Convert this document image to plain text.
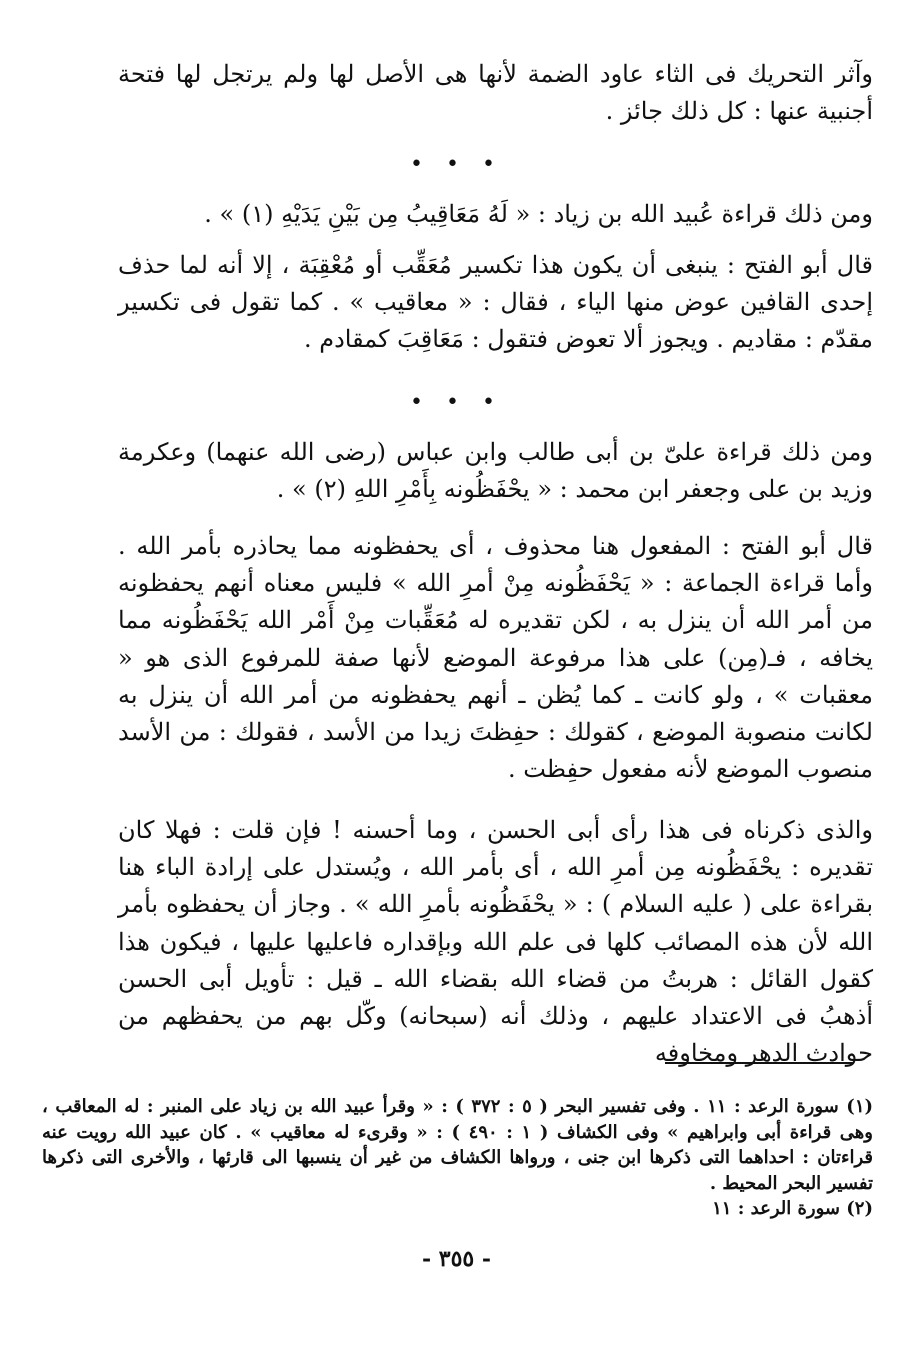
وآثر التحريك فى الثاء عاود الضمة لأنها هى الأصل لها ولم يرتجل لها فتحة أجنبية عنها : كل ذلك جائز .

• • •

ومن ذلك قراءة عُبيد الله بن زياد : « لَهُ مَعَاقِيبُ مِن بَيْنِ يَدَيْهِ (١) » .

قال أبو الفتح : ينبغى أن يكون هذا تكسير مُعَقِّب أو مُعْقِبَة ، إلا أنه لما حذف إحدى القافين عوض منها الياء ، فقال : « معاقيب » . كما تقول فى تكسير مقدّم : مقاديم . ويجوز ألا تعوض فتقول : مَعَاقِبَ كمقادم .

• • •

ومن ذلك قراءة علىّ بن أبى طالب وابن عباس (رضى الله عنهما) وعكرمة وزيد بن على وجعفر ابن محمد : « يحْفَظُونه بِأَمْرِ اللهِ (٢) » .

قال أبو الفتح : المفعول هنا محذوف ، أى يحفظونه مما يحاذره بأمر الله . وأما قراءة الجماعة : « يَحْفَظُونه مِنْ أمرِ الله » فليس معناه أنهم يحفظونه من أمر الله أن ينزل به ، لكن تقديره له مُعَقِّبات مِنْ أَمْر الله يَحْفَظُونه مما يخافه ، فـ(مِن) على هذا مرفوعة الموضع لأنها صفة للمرفوع الذى هو « معقبات » ، ولو كانت ـ كما يُظن ـ أنهم يحفظونه من أمر الله أن ينزل به لكانت منصوبة الموضع ، كقولك : حفِظتَ زيدا من الأسد ، فقولك : من الأسد منصوب الموضع لأنه مفعول حفِظت .

والذى ذكرناه فى هذا رأى أبى الحسن ، وما أحسنه ! فإن قلت : فهلا كان تقديره : يحْفَظُونه مِن أمرِ الله ، أى بأمر الله ، ويُستدل على إرادة الباء هنا بقراءة على ( عليه السلام ) : « يحْفَظُونه بأمرِ الله » . وجاز أن يحفظوه بأمر الله لأن هذه المصائب كلها فى علم الله وبإقداره فاعليها عليها ، فيكون هذا كقول القائل : هربتُ من قضاء الله بقضاء الله ـ قيل : تأويل أبى الحسن أذهبُ فى الاعتداد عليهم ، وذلك أنه (سبحانه) وكّل بهم من يحفظهم من حوادث الدهر ومخاوفه

(١) سورة الرعد : ١١ . وفى تفسير البحر ( ٥ : ٣٧٢ ) : « وقرأ عبيد الله بن زياد على المنبر : له المعاقب ، وهى قراءة أبى وابراهيم » وفى الكشاف ( ١ : ٤٩٠ ) : « وقرىء له معاقيب » . كان عبيد الله رويت عنه قراءتان : احداهما التى ذكرها ابن جنى ، ورواها الكشاف من غير أن ينسبها الى قارئها ، والأخرى التى ذكرها تفسير البحر المحيط .

(٢) سورة الرعد : ١١

- ٣٥٥ -
